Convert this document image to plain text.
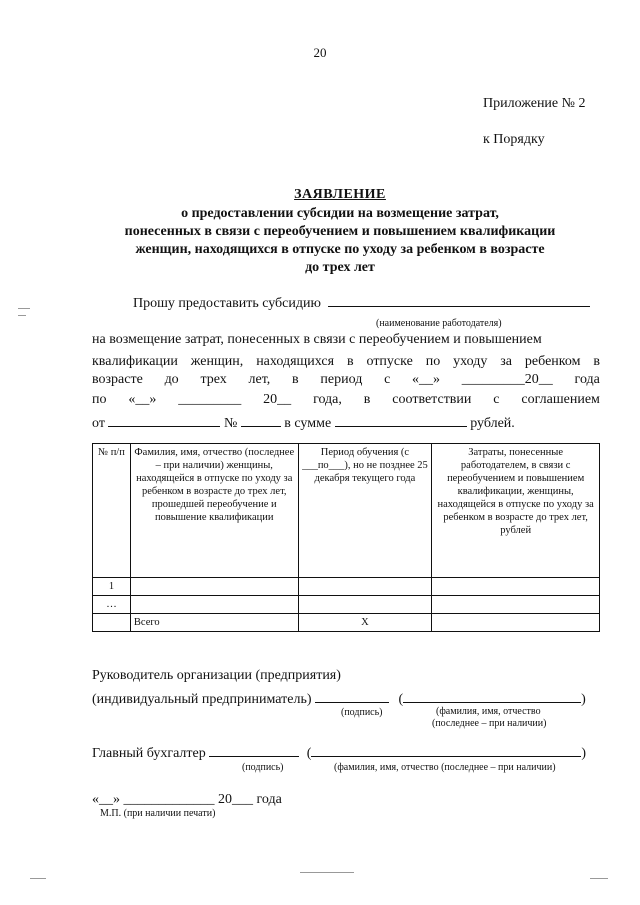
20
Приложение № 2
к Порядку
ЗАЯВЛЕНИЕ
о предоставлении субсидии на возмещение затрат,
понесенных в связи с переобучением и повышением квалификации
женщин, находящихся в отпуске по уходу за ребенком в возрасте
до трех лет
Прошу предоставить субсидию
(наименование работодателя)
на возмещение затрат, понесенных в связи с переобучением и повышением
квалификации женщин, находящихся в отпуске по уходу за ребенком в
возрасте до трех лет, в период с «__» _________20__ года
по «__» _________ 20__ года, в соответствии с соглашением
от	№	в сумме	рублей.
№ п/п	Фамилия, имя, отчество (последнее – при наличии) женщины, находящейся в отпуске по уходу за ребенком в возрасте до трех лет, прошедшей переобучение и повышение квалификации	Период обучения (с ___по___), но не позднее 25 декабря текущего года	Затраты, понесенные работодателем, в связи с переобучением и повышением квалификации, женщины, находящейся в отпуске по уходу за ребенком в возрасте до трех лет, рублей
1			
…			
	Всего	Х	
Руководитель организации (предприятия)
(индивидуальный предприниматель)	(	)
(подпись)	(фамилия, имя, отчество
(последнее – при наличии)
Главный бухгалтер	(	)
(подпись)	(фамилия, имя, отчество (последнее – при наличии)
«__» _____________ 20___ года
М.П. (при наличии печати)
